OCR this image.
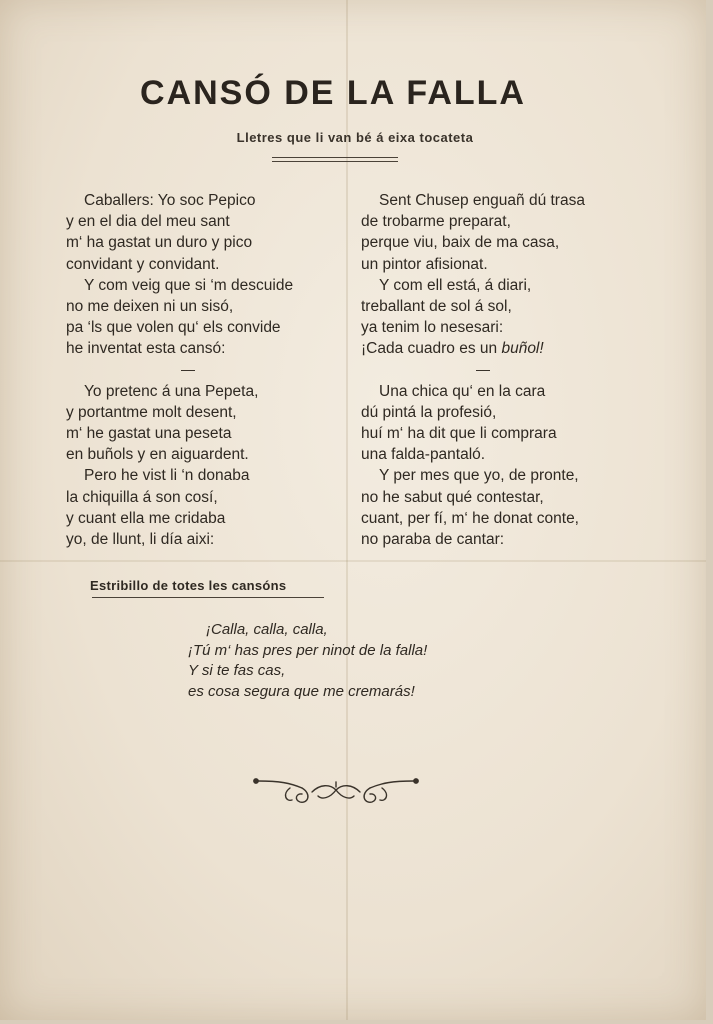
CANSÓ DE LA FALLA
Lletres que li van bé á eixa tocateta
Caballers: Yo soc Pepico
y en el dia del meu sant
m‘ ha gastat un duro y pico
convidant y convidant.
Y com veig que si ‘m descuide
no me deixen ni un sisó,
pa ‘ls que volen qu‘ els convide
he inventat esta cansó:
Yo pretenc á una Pepeta,
y portantme molt desent,
m‘ he gastat una peseta
en buñols y en aiguardent.
Pero he vist li ‘n donaba
la chiquilla á son cosí,
y cuant ella me cridaba
yo, de llunt, li día aixi:
Sent Chusep enguañ dú trasa
de trobarme preparat,
perque viu, baix de ma casa,
un pintor afisionat.
Y com ell está, á diari,
treballant de sol á sol,
ya tenim lo nesesari:
¡Cada cuadro es un buñol!
Una chica qu‘ en la cara
dú pintá la profesió,
huí m‘ ha dit que li comprara
una falda-pantaló.
Y per mes que yo, de pronte,
no he sabut qué contestar,
cuant, per fí, m‘ he donat conte,
no paraba de cantar:
Estribillo de totes les cansóns
¡Calla, calla, calla,
¡Tú m‘ has pres per ninot de la falla!
Y si te fas cas,
es cosa segura que me cremarás!
